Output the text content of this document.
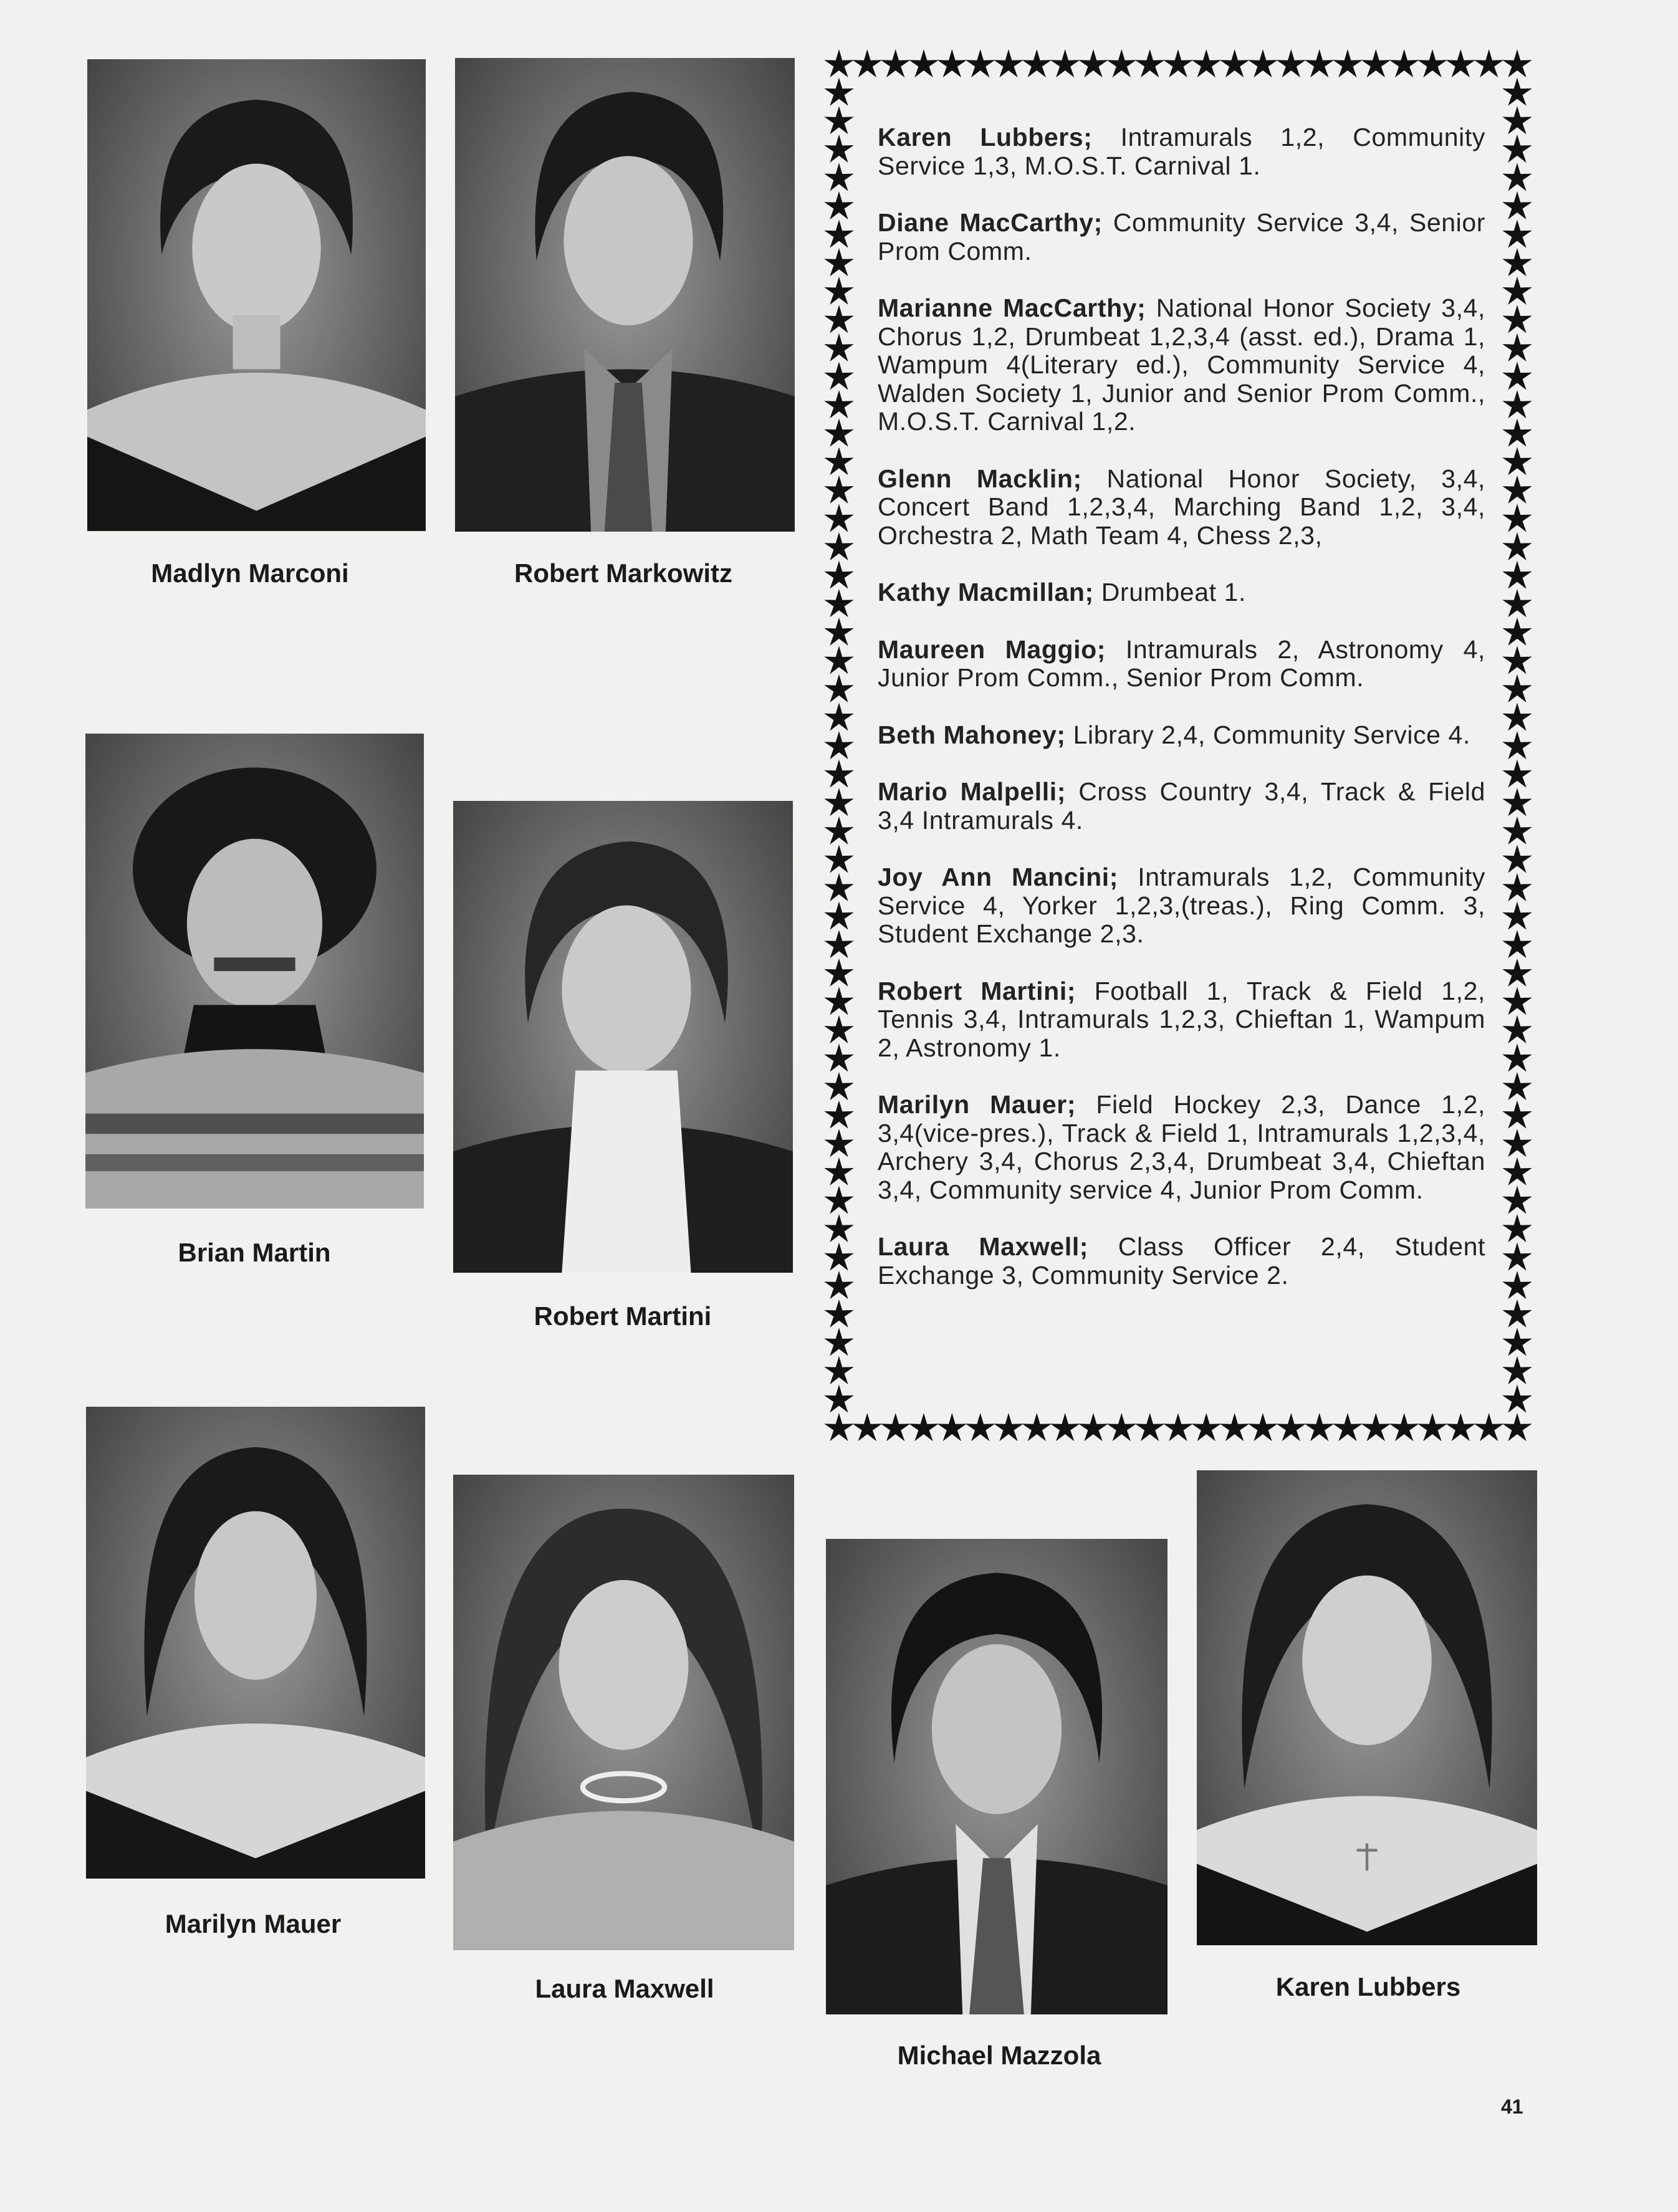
Madlyn Marconi	Robert Markowitz
Brian Martin
Robert Martini
Marilyn Mauer
Laura Maxwell
Michael Mazzola
Karen Lubbers

Karen Lubbers; Intramurals 1,2, Community Service 1,3, M.O.S.T. Carnival 1.

Diane MacCarthy; Community Service 3,4, Senior Prom Comm.

Marianne MacCarthy; National Honor Society 3,4, Chorus 1,2, Drumbeat 1,2,3,4 (asst. ed.), Drama 1, Wampum 4(Literary ed.), Community Service 4, Walden Society 1, Junior and Senior Prom Comm., M.O.S.T. Carnival 1,2.

Glenn Macklin; National Honor Society, 3,4, Concert Band 1,2,3,4, Marching Band 1,2, 3,4, Orchestra 2, Math Team 4, Chess 2,3,

Kathy Macmillan; Drumbeat 1.

Maureen Maggio; Intramurals 2, Astronomy 4, Junior Prom Comm., Senior Prom Comm.

Beth Mahoney; Library 2,4, Community Service 4.

Mario Malpelli; Cross Country 3,4, Track & Field 3,4 Intramurals 4.

Joy Ann Mancini; Intramurals 1,2, Community Service 4, Yorker 1,2,3,(treas.), Ring Comm. 3, Student Exchange 2,3.

Robert Martini; Football 1, Track & Field 1,2, Tennis 3,4, Intramurals 1,2,3, Chieftan 1, Wampum 2, Astronomy 1.

Marilyn Mauer; Field Hockey 2,3, Dance 1,2, 3,4(vice-pres.), Track & Field 1, Intramurals 1,2,3,4, Archery 3,4, Chorus 2,3,4, Drumbeat 3,4, Chieftan 3,4, Community service 4, Junior Prom Comm.

Laura Maxwell; Class Officer 2,4, Student Exchange 3, Community Service 2.

41
